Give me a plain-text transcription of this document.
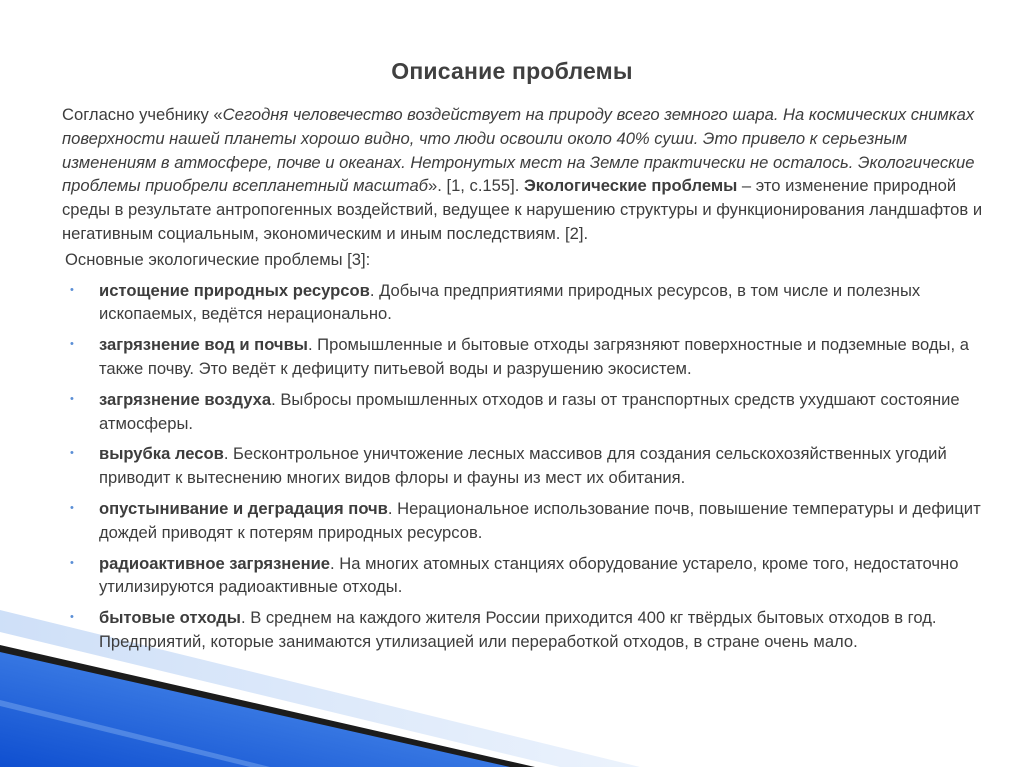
Описание проблемы

Согласно учебнику «Сегодня человечество воздействует на природу всего земного шара. На космических снимках поверхности нашей планеты хорошо видно, что люди освоили около 40% суши. Это привело к серьезным изменениям в атмосфере, почве и океанах. Нетронутых мест на Земле практически не осталось. Экологические проблемы приобрели всепланетный масштаб». [1, с.155]. Экологические проблемы – это изменение природной среды в результате антропогенных воздействий, ведущее к нарушению структуры и функционирования ландшафтов и негативным социальным, экономическим и иным последствиям. [2].

Основные экологические проблемы [3]:

• истощение природных ресурсов. Добыча предприятиями природных ресурсов, в том числе и полезных ископаемых, ведётся нерационально.
• загрязнение вод и почвы. Промышленные и бытовые отходы загрязняют поверхностные и подземные воды, а также почву. Это ведёт к дефициту питьевой воды и разрушению экосистем.
• загрязнение воздуха. Выбросы промышленных отходов и газы от транспортных средств ухудшают состояние атмосферы.
• вырубка лесов. Бесконтрольное уничтожение лесных массивов для создания сельскохозяйственных угодий приводит к вытеснению многих видов флоры и фауны из мест их обитания.
• опустынивание и деградация почв. Нерациональное использование почв, повышение температуры и дефицит дождей приводят к потерям природных ресурсов.
• радиоактивное загрязнение. На многих атомных станциях оборудование устарело, кроме того, недостаточно утилизируются радиоактивные отходы.
• бытовые отходы. В среднем на каждого жителя России приходится 400 кг твёрдых бытовых отходов в год. Предприятий, которые занимаются утилизацией или переработкой отходов, в стране очень мало.
